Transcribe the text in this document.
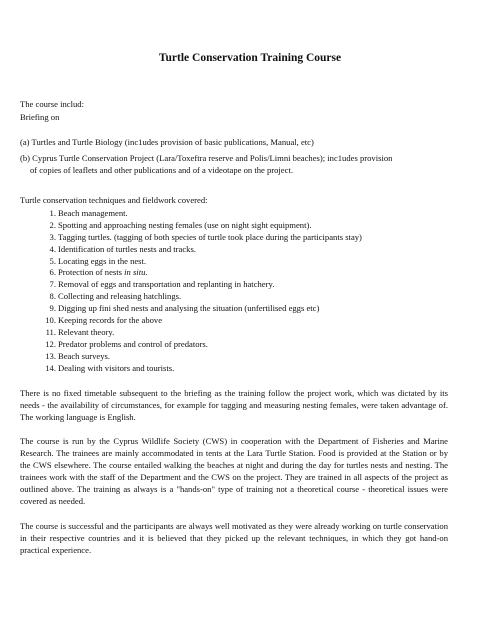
Turtle Conservation Training Course
The course includ:
Briefing on
(a) Turtles and Turtle Biology (inc1udes provision of basic publications, Manual, etc)
(b) Cyprus Turtle Conservation Project (Lara/Toxeftra reserve and Polis/Limni beaches); inc1udes provision
of copies of leaflets and other publications and of a videotape on the project.
Turtle conservation techniques and fieldwork covered:
1. Beach management.
2. Spotting and approaching nesting females (use on night sight equipment).
3. Tagging turtles. (tagging of both species of turtle took place during the participants stay)
4. Identification of turtles nests and tracks.
5. Locating eggs in the nest.
6. Protection of nests in situ.
7. Removal of eggs and transportation and replanting in hatchery.
8. Collecting and releasing hatchlings.
9. Digging up fini shed nests and analysing the situation (unfertilised eggs etc)
10. Keeping records for the above
11. Relevant theory.
12. Predator problems and control of predators.
13. Beach surveys.
14. Dealing with visitors and tourists.
There is no fixed timetable subsequent to the briefing as the training follow the project work, which was dictated by its needs - the availability of circumstances, for example for tagging and measuring nesting females, were taken advantage of. The working language is English.
The course is run by the Cyprus Wildlife Society (CWS) in cooperation with the Department of Fisheries and Marine Research. The trainees are mainly accommodated in tents at the Lara Turtle Station. Food is provided at the Station or by the CWS elsewhere. The course entailed walking the beaches at night and during the day for turtles nests and nesting. The trainees work with the staff of the Department and the CWS on the project. They are trained in all aspects of the project as outlined above. The training as always is a "hands-on" type of training not a theoretical course - theoretical issues were covered as needed.
The course is successful and the participants are always well motivated as they were already working on turtle conservation in their respective countries and it is believed that they picked up the relevant techniques, in which they got hand-on practical experience.
